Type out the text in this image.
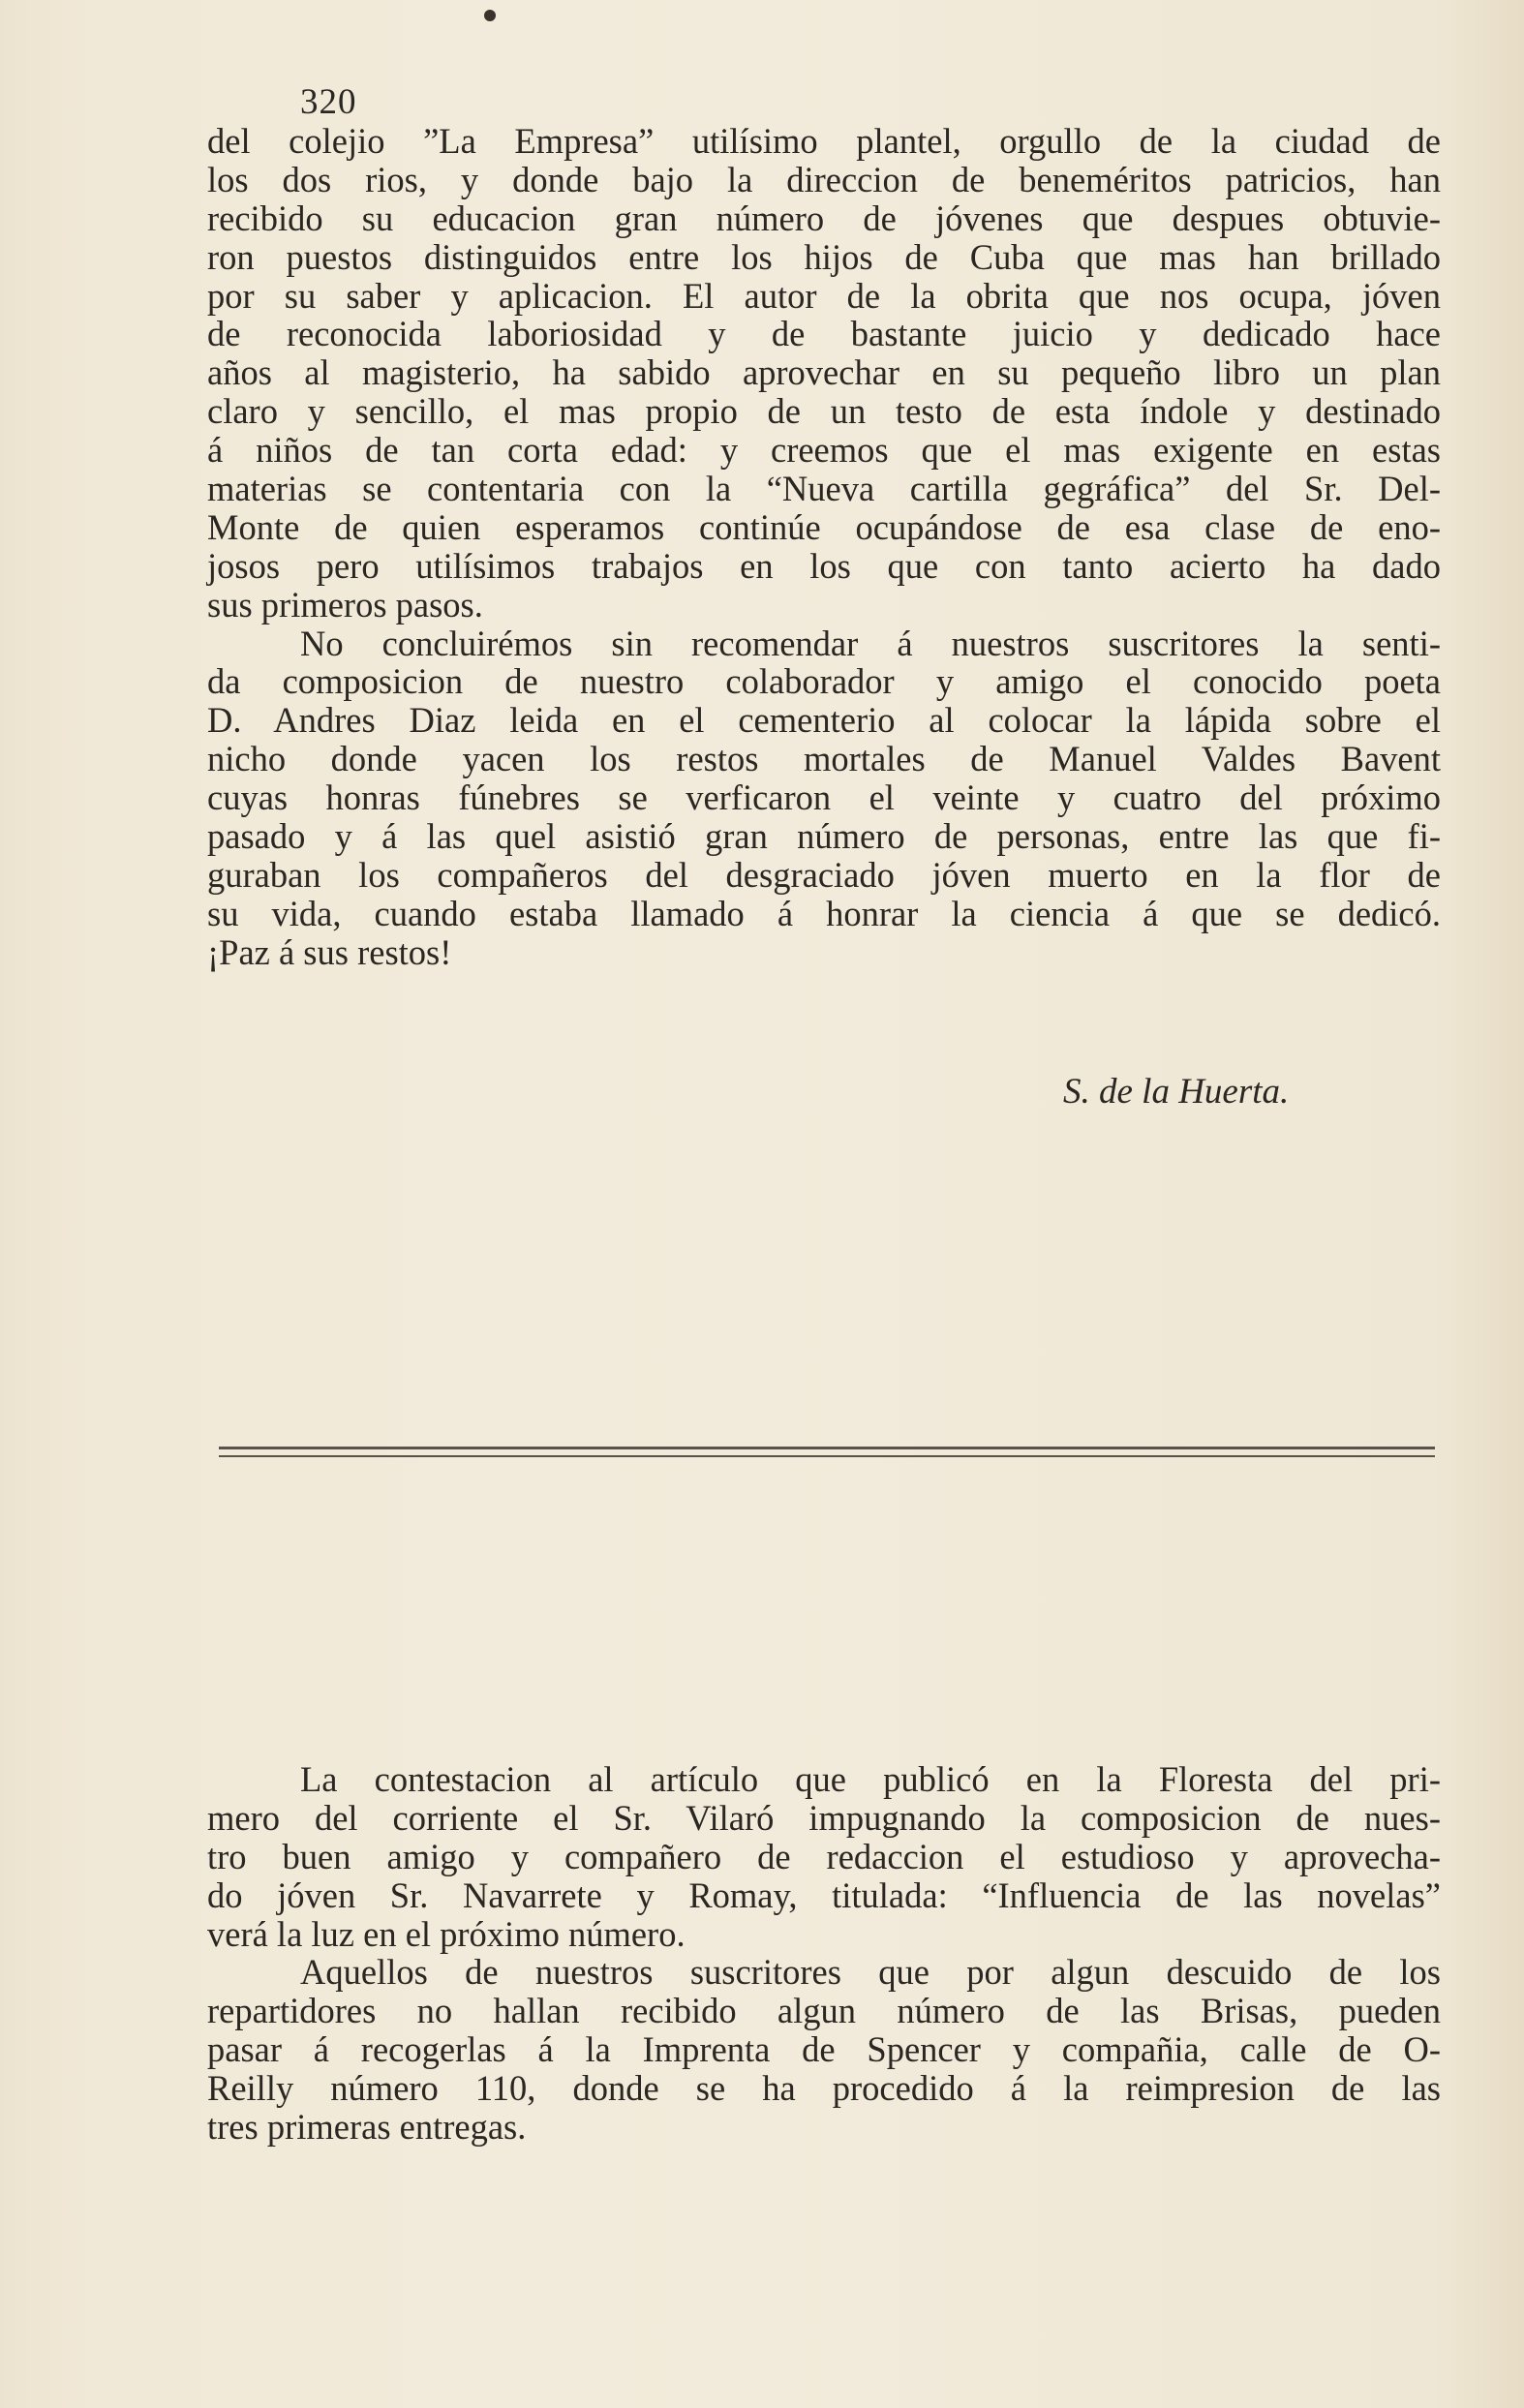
320
del colejio ”La Empresa” utilísimo plantel, orgullo de la ciudad de
los dos rios, y donde bajo la direccion de beneméritos patricios, han
recibido su educacion gran número de jóvenes que despues obtuvie-
ron puestos distinguidos entre los hijos de Cuba que mas han brillado
por su saber y aplicacion. El autor de la obrita que nos ocupa, jóven
de reconocida laboriosidad y de bastante juicio y dedicado hace
años al magisterio, ha sabido aprovechar en su pequeño libro un plan
claro y sencillo, el mas propio de un testo de esta índole y destinado
á niños de tan corta edad: y creemos que el mas exigente en estas
materias se contentaria con la “Nueva cartilla gegráfica” del Sr. Del-
Monte de quien esperamos continúe ocupándose de esa clase de eno-
josos pero utilísimos trabajos en los que con tanto acierto ha dado
sus primeros pasos.
No concluirémos sin recomendar á nuestros suscritores la senti-
da composicion de nuestro colaborador y amigo el conocido poeta
D. Andres Diaz leida en el cementerio al colocar la lápida sobre el
nicho donde yacen los restos mortales de Manuel Valdes Bavent
cuyas honras fúnebres se verficaron el veinte y cuatro del próximo
pasado y á las quel asistió gran número de personas, entre las que fi-
guraban los compañeros del desgraciado jóven muerto en la flor de
su vida, cuando estaba llamado á honrar la ciencia á que se dedicó.
¡Paz á sus restos!
S. de la Huerta.
La contestacion al artículo que publicó en la Floresta del pri-
mero del corriente el Sr. Vilaró impugnando la composicion de nues-
tro buen amigo y compañero de redaccion el estudioso y aprovecha-
do jóven Sr. Navarrete y Romay, titulada: “Influencia de las novelas”
verá la luz en el próximo número.
Aquellos de nuestros suscritores que por algun descuido de los
repartidores no hallan recibido algun número de las Brisas, pueden
pasar á recogerlas á la Imprenta de Spencer y compañia, calle de O-
Reilly número 110, donde se ha procedido á la reimpresion de las
tres primeras entregas.
